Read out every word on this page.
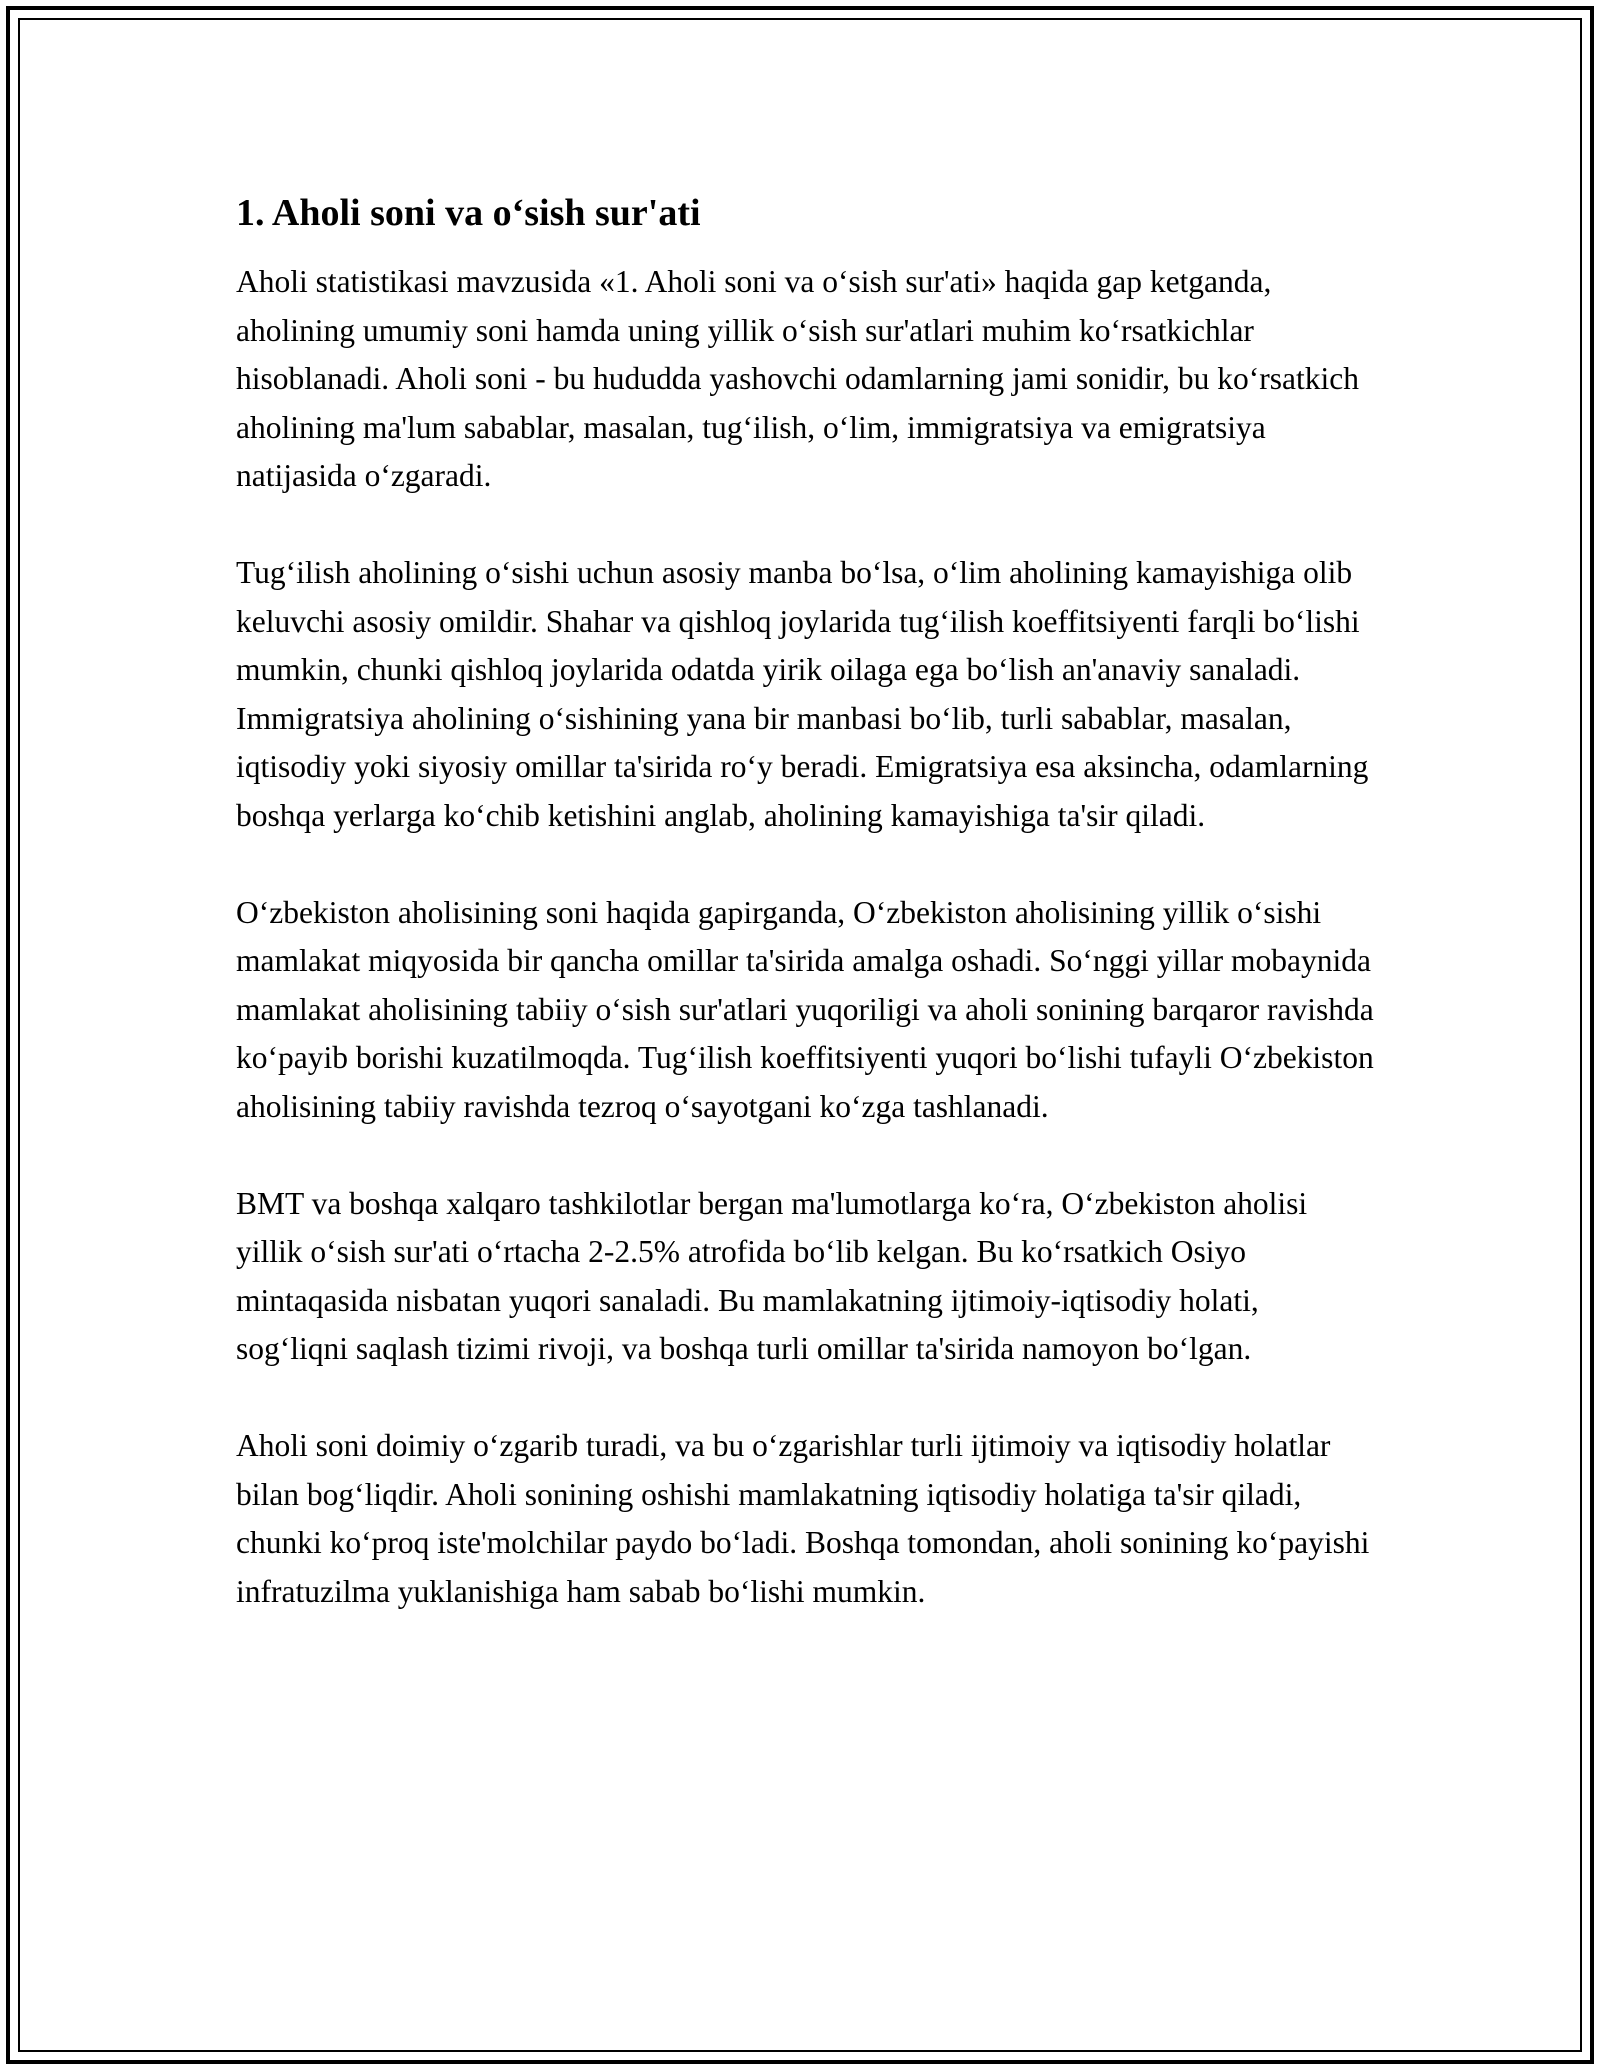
1. Aholi soni va o‘sish sur'ati

Aholi statistikasi mavzusida «1. Aholi soni va o‘sish sur'ati» haqida gap ketganda, aholining umumiy soni hamda uning yillik o‘sish sur'atlari muhim ko‘rsatkichlar hisoblanadi. Aholi soni - bu hududda yashovchi odamlarning jami sonidir, bu ko‘rsatkich aholining ma'lum sabablar, masalan, tug‘ilish, o‘lim, immigratsiya va emigratsiya natijasida o‘zgaradi.

Tug‘ilish aholining o‘sishi uchun asosiy manba bo‘lsa, o‘lim aholining kamayishiga olib keluvchi asosiy omildir. Shahar va qishloq joylarida tug‘ilish koeffitsiyenti farqli bo‘lishi mumkin, chunki qishloq joylarida odatda yirik oilaga ega bo‘lish an'anaviy sanaladi. Immigratsiya aholining o‘sishining yana bir manbasi bo‘lib, turli sabablar, masalan, iqtisodiy yoki siyosiy omillar ta'sirida ro‘y beradi. Emigratsiya esa aksincha, odamlarning boshqa yerlarga ko‘chib ketishini anglab, aholining kamayishiga ta'sir qiladi.

O‘zbekiston aholisining soni haqida gapirganda, O‘zbekiston aholisining yillik o‘sishi mamlakat miqyosida bir qancha omillar ta'sirida amalga oshadi. So‘nggi yillar mobaynida mamlakat aholisining tabiiy o‘sish sur'atlari yuqoriligi va aholi sonining barqaror ravishda ko‘payib borishi kuzatilmoqda. Tug‘ilish koeffitsiyenti yuqori bo‘lishi tufayli O‘zbekiston aholisining tabiiy ravishda tezroq o‘sayotgani ko‘zga tashlanadi.

BMT va boshqa xalqaro tashkilotlar bergan ma'lumotlarga ko‘ra, O‘zbekiston aholisi yillik o‘sish sur'ati o‘rtacha 2-2.5% atrofida bo‘lib kelgan. Bu ko‘rsatkich Osiyo mintaqasida nisbatan yuqori sanaladi. Bu mamlakatning ijtimoiy-iqtisodiy holati, sog‘liqni saqlash tizimi rivoji, va boshqa turli omillar ta'sirida namoyon bo‘lgan.

Aholi soni doimiy o‘zgarib turadi, va bu o‘zgarishlar turli ijtimoiy va iqtisodiy holatlar bilan bog‘liqdir. Aholi sonining oshishi mamlakatning iqtisodiy holatiga ta'sir qiladi, chunki ko‘proq iste'molchilar paydo bo‘ladi. Boshqa tomondan, aholi sonining ko‘payishi infratuzilma yuklanishiga ham sabab bo‘lishi mumkin.
